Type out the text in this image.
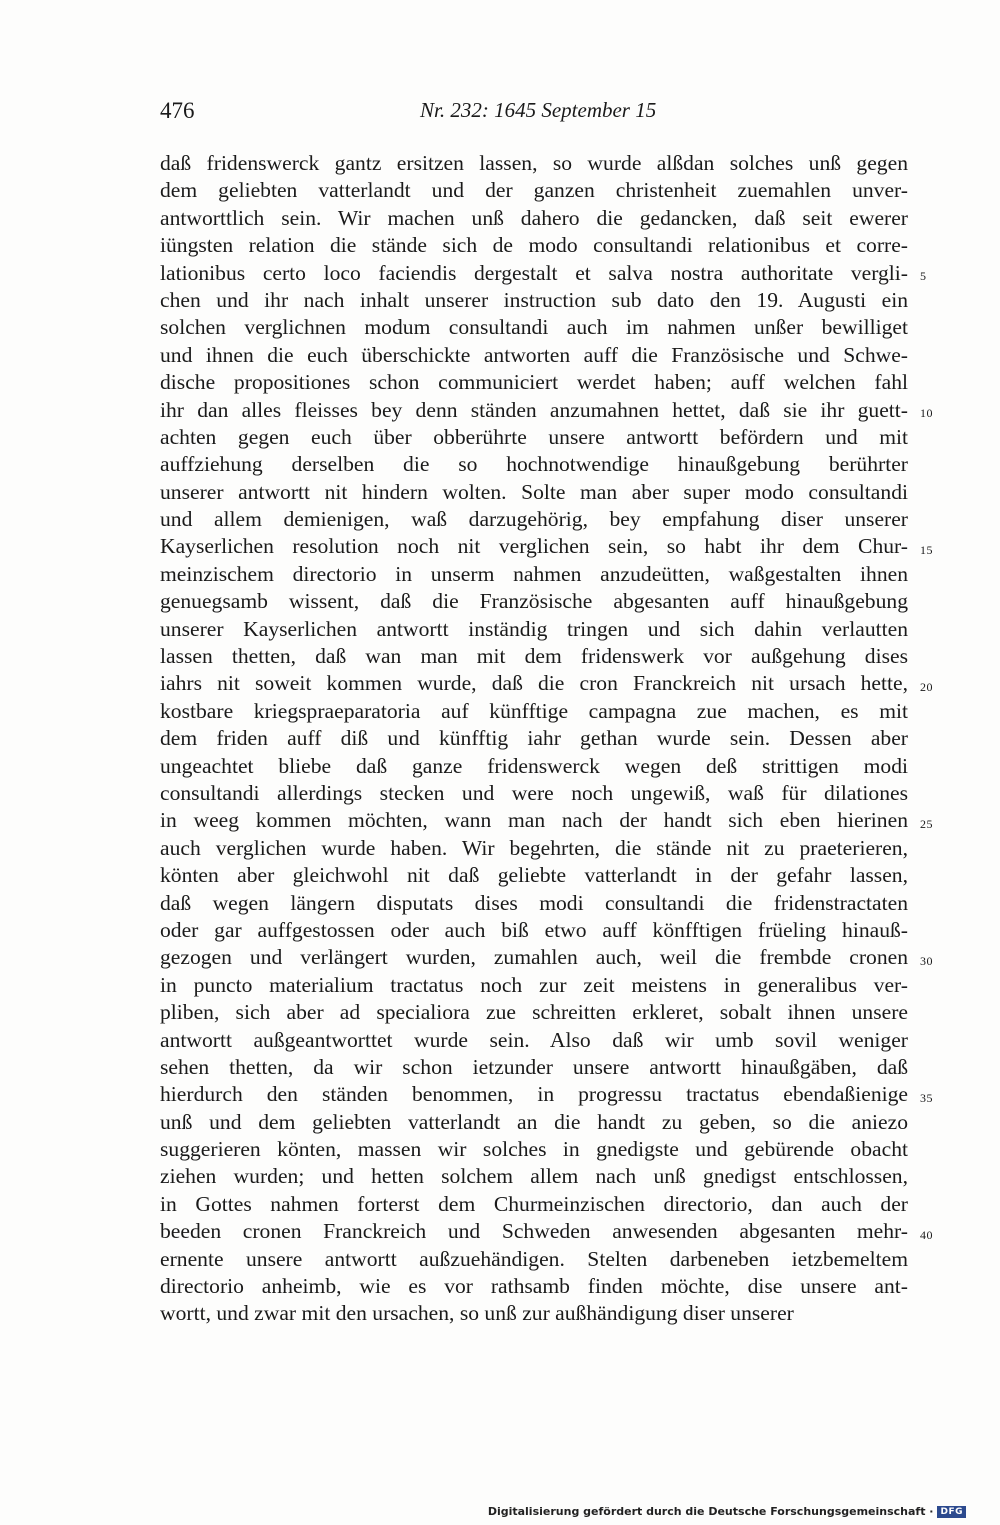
476	Nr. 232: 1645 September 15
daß fridenswerck gantz ersitzen lassen, so wurde alßdan solches unß gegen
dem geliebten vatterlandt und der ganzen christenheit zuemahlen unver-
antworttlich sein. Wir machen unß dahero die gedancken, daß seit ewerer
iüngsten relation die stände sich de modo consultandi relationibus et corre-
lationibus certo loco faciendis dergestalt et salva nostra authoritate vergli-
chen und ihr nach inhalt unserer instruction sub dato den 19. Augusti ein
solchen verglichnen modum consultandi auch im nahmen unßer bewilliget
und ihnen die euch überschickte antworten auff die Französische und Schwe-
dische propositiones schon communiciert werdet haben; auff welchen fahl
ihr dan alles fleisses bey denn ständen anzumahnen hettet, daß sie ihr guett-
achten gegen euch über obberührte unsere antwortt befördern und mit
auffziehung derselben die so hochnotwendige hinaußgebung berührter
unserer antwortt nit hindern wolten. Solte man aber super modo consultandi
und allem demienigen, waß darzugehörig, bey empfahung diser unserer
Kayserlichen resolution noch nit verglichen sein, so habt ihr dem Chur-
meinzischem directorio in unserm nahmen anzudeütten, waßgestalten ihnen
genuegsamb wissent, daß die Französische abgesanten auff hinaußgebung
unserer Kayserlichen antwortt inständig tringen und sich dahin verlautten
lassen thetten, daß wan man mit dem fridenswerk vor außgehung dises
iahrs nit soweit kommen wurde, daß die cron Franckreich nit ursach hette,
kostbare kriegspraeparatoria auf künfftige campagna zue machen, es mit
dem friden auff diß und künfftig iahr gethan wurde sein. Dessen aber
ungeachtet bliebe daß ganze fridenswerck wegen deß strittigen modi
consultandi allerdings stecken und were noch ungewiß, waß für dilationes
in weeg kommen möchten, wann man nach der handt sich eben hierinen
auch verglichen wurde haben. Wir begehrten, die stände nit zu praeterieren,
könten aber gleichwohl nit daß geliebte vatterlandt in der gefahr lassen,
daß wegen längern disputats dises modi consultandi die fridenstractaten
oder gar auffgestossen oder auch biß etwo auff könfftigen früeling hinauß-
gezogen und verlängert wurden, zumahlen auch, weil die frembde cronen
in puncto materialium tractatus noch zur zeit meistens in generalibus ver-
pliben, sich aber ad specialiora zue schreitten erkleret, sobalt ihnen unsere
antwortt außgeantworttet wurde sein. Also daß wir umb sovil weniger
sehen thetten, da wir schon ietzunder unsere antwortt hinaußgäben, daß
hierdurch den ständen benommen, in progressu tractatus ebendaßienige
unß und dem geliebten vatterlandt an die handt zu geben, so die aniezo
suggerieren könten, massen wir solches in gnedigste und gebürende obacht
ziehen wurden; und hetten solchem allem nach unß gnedigst entschlossen,
in Gottes nahmen forterst dem Churmeinzischen directorio, dan auch der
beeden cronen Franckreich und Schweden anwesenden abgesanten mehr-
ernente unsere antwortt außzuehändigen. Stelten darbeneben ietzbemeltem
directorio anheimb, wie es vor rathsamb finden möchte, dise unsere ant-
wortt, und zwar mit den ursachen, so unß zur außhändigung diser unserer
5
10
15
20
25
30
35
40
Digitalisierung gefördert durch die Deutsche Forschungsgemeinschaft · DFG
